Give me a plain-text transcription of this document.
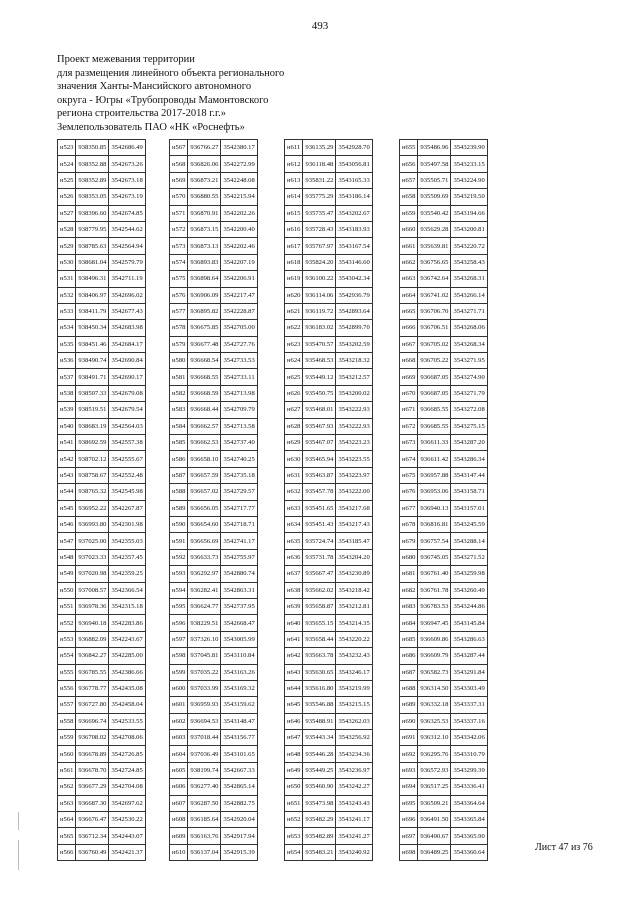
493
Проект межевания территории
для размещения линейного объекта регионального
значения Ханты-Мансийского автономного
округа - Югры «Трубопроводы Мамонтовского
региона строительства 2017-2018 г.г.»
Землепользователь ПАО «НК «Роснефть»
н523	938350.85	3542686.49
н524	938352.88	3542673.26
н525	938352.89	3542673.18
н526	938353.05	3542673.19
н527	938396.60	3542674.85
н528	938779.95	3542544.62
н529	938785.63	3542564.94
н530	938681.04	3542579.79
н531	938496.31	3542711.19
н532	938406.97	3542696.02
н533	938411.79	3542677.43
н534	938450.34	3542683.98
н535	938451.46	3542684.17
н536	938490.74	3542690.84
н537	938491.71	3542690.17
н538	938507.33	3542679.08
н539	938519.51	3542679.54
н540	938683.19	3542564.03
н541	938692.59	3542557.38
н542	938702.12	3542555.67
н543	938758.67	3542552.48
н544	938765.32	3542545.98
н545	936952.22	3542267.87
н546	936993.80	3542301.98
н547	937025.00	3542355.03
н548	937023.33	3542357.45
н549	937020.98	3542359.25
н550	937008.57	3542366.54
н551	936978.36	3542315.18
н552	936940.18	3542283.86
н553	936882.09	3542243.67
н554	936842.27	3542285.00
н555	936785.55	3542386.66
н556	936778.77	3542435.08
н557	936727.80	3542458.04
н558	936696.74	3542533.55
н559	936708.02	3542708.06
н560	936678.89	3542726.85
н561	936678.70	3542724.85
н562	936677.29	3542704.08
н563	936687.30	3542697.62
н564	936676.47	3542530.22
н565	936712.34	3542443.07
н566	936760.49	3542421.37
н567	936766.27	3542380.17
н568	936826.06	3542272.99
н569	936873.21	3542248.08
н570	936880.55	3542215.94
н571	936870.91	3542202.26
н572	936873.15	3542200.40
н573	936873.13	3542202.46
н574	936893.83	3542207.19
н575	936898.64	3542206.91
н576	936906.09	3542217.47
н577	936895.82	3542228.87
н578	936675.85	3542705.00
н579	936677.48	3542727.76
н580	936668.54	3542733.53
н581	936668.55	3542733.11
н582	936668.59	3542713.98
н583	936668.44	3542709.79
н584	936662.57	3542713.58
н585	936662.53	3542737.40
н586	936658.10	3542740.25
н587	936657.59	3542735.18
н588	936657.02	3542729.57
н589	936656.05	3542717.77
н590	936654.60	3542718.71
н591	936656.69	3542741.17
н592	936633.73	3542755.97
н593	936292.97	3542880.74
н594	936282.41	3542863.31
н595	936624.77	3542737.95
н596	938229.51	3542668.47
н597	937326.10	3543005.99
н598	937045.81	3543110.84
н599	937035.22	3543163.26
н600	937033.99	3543169.32
н601	936959.93	3543159.62
н602	936694.53	3543148.47
н603	937018.44	3543156.77
н604	937036.49	3543101.65
н605	938199.74	3542667.33
н606	936277.40	3542865.14
н607	936287.50	3542882.75
н608	936185.64	3542920.04
н609	936163.76	3542917.94
н610	936137.04	3542915.39
н611	936135.29	3542928.70
н612	936118.48	3543056.81
н613	935831.22	3543165.33
н614	935775.29	3543186.14
н615	935735.47	3543202.67
н616	935728.43	3543183.93
н617	935767.97	3543167.54
н618	935824.20	3543146.60
н619	936100.22	3543042.34
н620	936114.06	3542936.79
н621	936119.72	3542893.64
н622	936183.02	3542899.70
н623	935470.57	3543202.59
н624	935468.53	3543218.32
н625	935449.12	3543212.57
н626	935450.75	3543200.02
н627	935468.01	3543222.93
н628	935467.93	3543222.93
н629	935467.07	3543223.23
н630	935465.94	3543223.55
н631	935463.87	3543223.97
н632	935457.78	3543222.00
н633	935451.65	3543217.68
н634	935451.43	3543217.43
н635	935724.74	3543185.47
н636	935731.78	3543204.20
н637	935667.47	3543230.89
н638	935662.02	3543218.42
н639	935658.87	3543212.81
н640	935655.15	3543214.35
н641	935658.44	3543220.22
н642	935663.78	3543232.43
н643	935630.65	3543246.17
н644	935616.80	3543219.99
н645	935546.88	3543215.15
н646	935488.91	3543262.03
н647	935443.34	3543256.92
н648	935446.28	3543234.36
н649	935449.25	3543236.97
н650	935460.90	3543242.27
н651	935473.98	3543243.43
н652	935482.29	3543241.17
н653	935482.89	3543241.27
н654	935483.21	3543240.92
н655	935486.96	3543239.90
н656	935497.58	3543233.15
н657	935505.71	3543224.90
н658	935509.69	3543219.50
н659	935540.42	3543194.66
н660	935629.28	3543200.81
н661	935639.81	3543220.72
н662	936756.65	3543258.43
н663	936742.64	3543268.31
н664	936741.02	3543266.14
н665	936706.70	3543271.71
н666	936706.51	3543268.06
н667	936705.02	3543268.34
н668	936705.22	3543271.95
н669	936687.05	3543274.90
н670	936687.05	3543271.79
н671	936685.55	3543272.08
н672	936685.55	3543275.15
н673	936611.33	3543287.20
н674	936611.42	3543286.34
н675	936957.88	3543147.44
н676	936953.06	3543158.71
н677	936940.13	3543157.01
н678	936816.81	3543245.59
н679	936757.54	3543288.14
н680	936745.05	3543271.52
н681	936761.40	3543259.98
н682	936761.78	3543260.49
н683	936783.53	3543244.86
н684	936947.45	3543145.84
н685	936609.86	3543286.63
н686	936609.79	3543287.44
н687	936582.73	3543291.84
н688	936314.50	3543303.49
н689	936332.18	3543337.31
н690	936325.53	3543337.16
н691	936312.10	3543342.06
н692	936295.76	3543310.79
н693	936572.93	3543299.39
н694	936517.25	3543336.41
н695	936509.21	3543364.64
н696	936491.50	3543365.84
н697	936490.67	3543365.90
н698	936489.25	3543360.64	Лист 47 из 76
